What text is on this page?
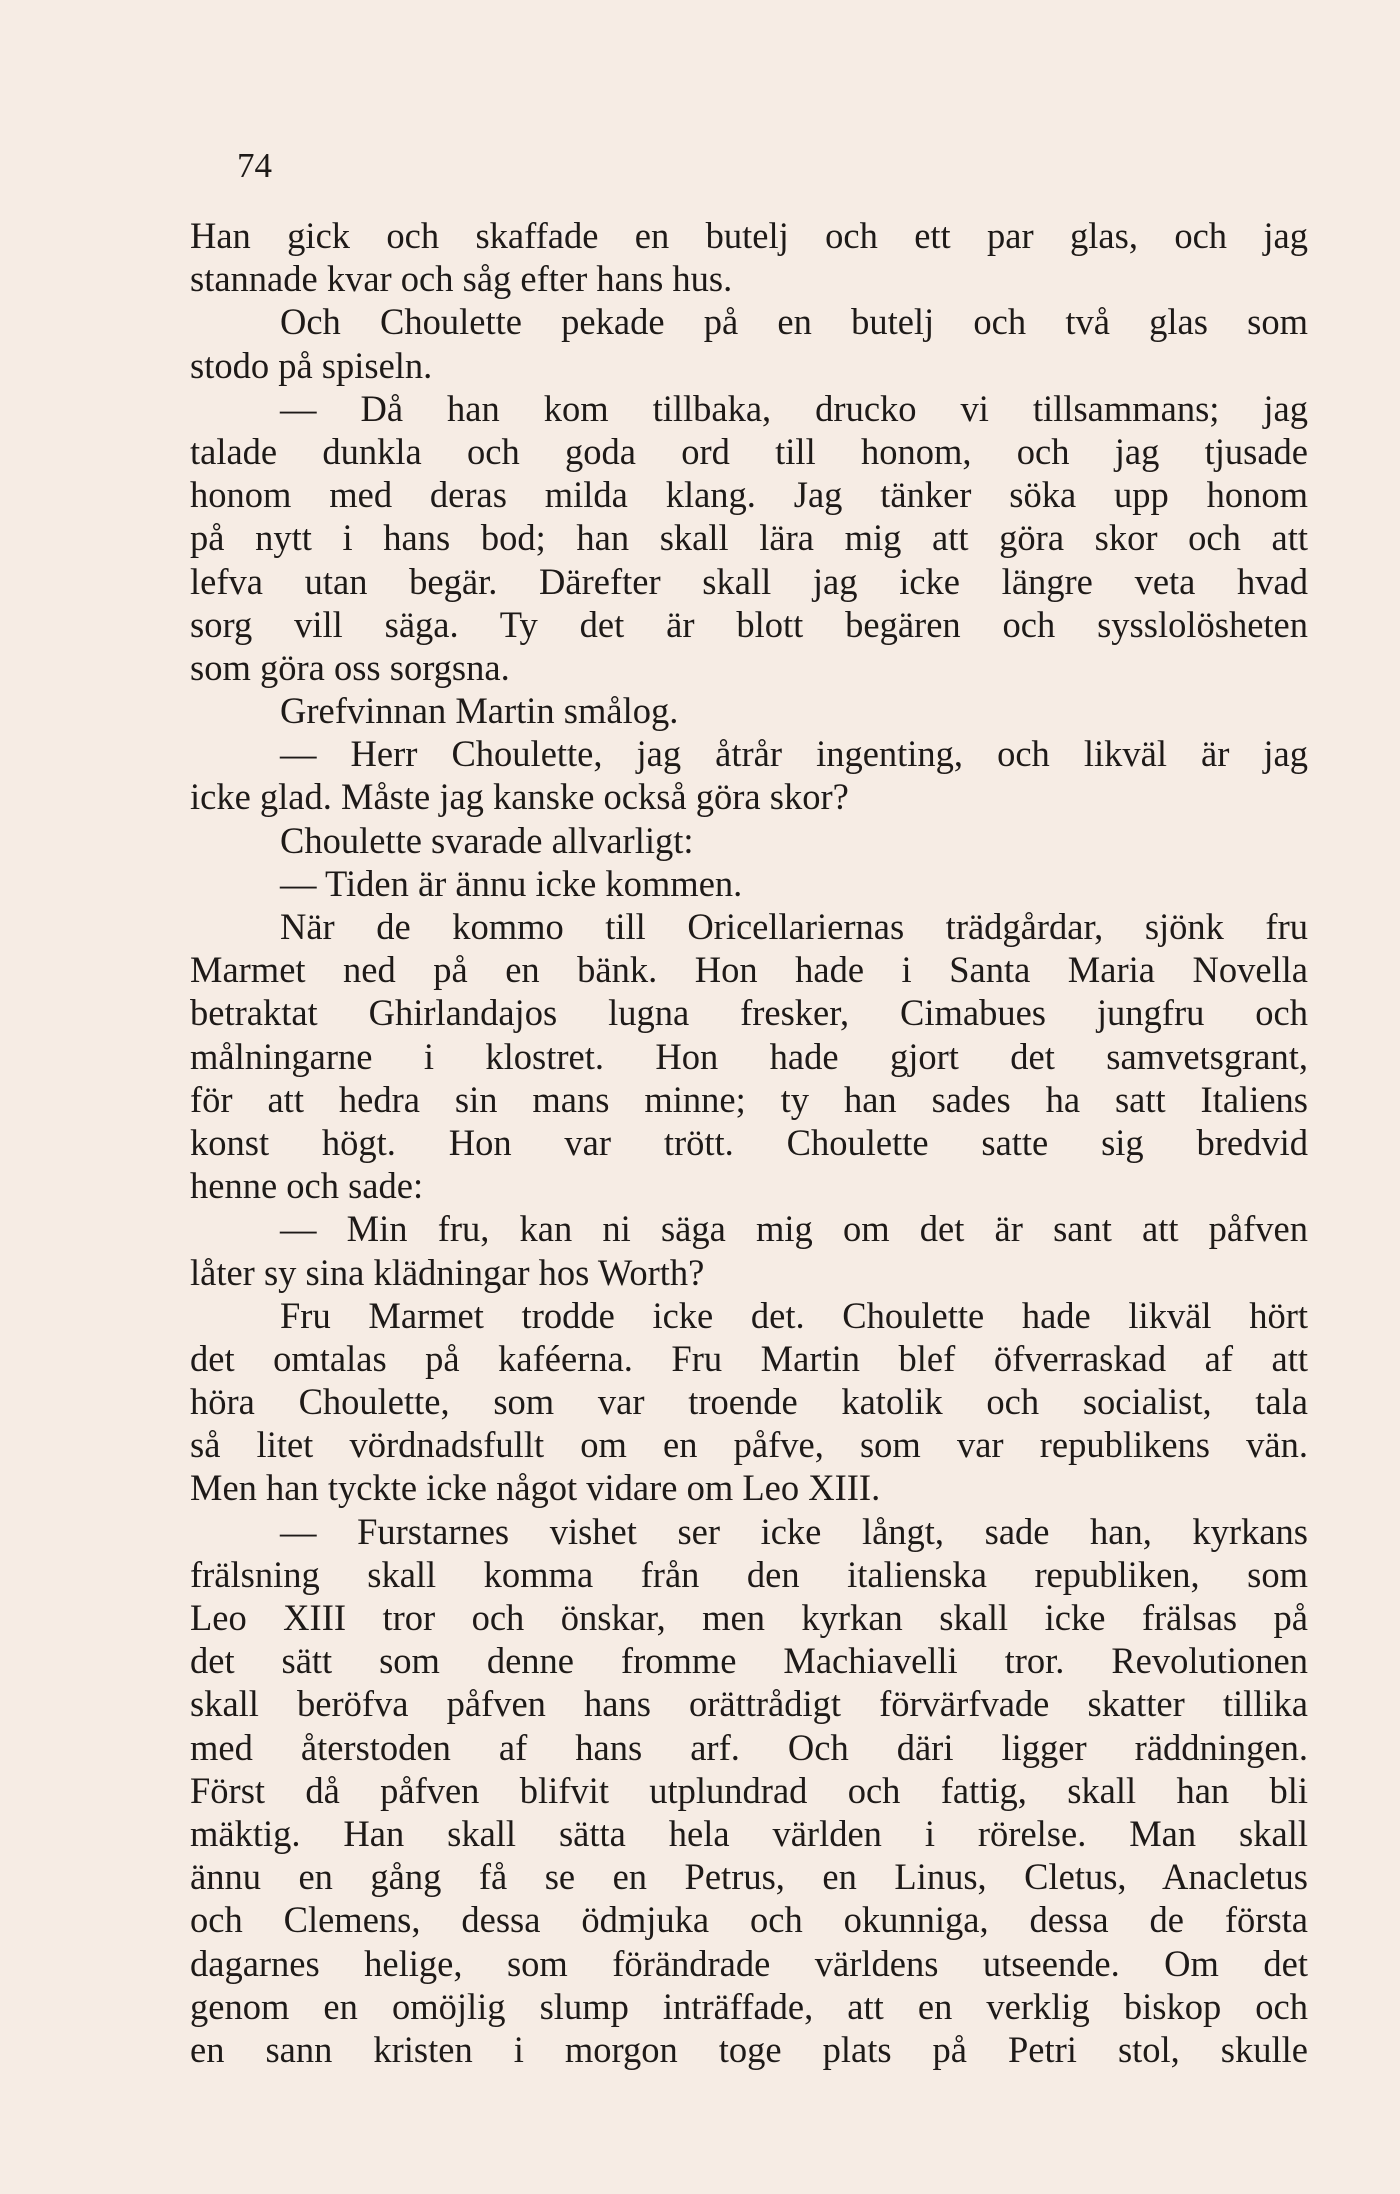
74
Han gick och skaffade en butelj och ett par glas, och jag
stannade kvar och såg efter hans hus.
Och Choulette pekade på en butelj och två glas som
stodo på spiseln.
— Då han kom tillbaka, drucko vi tillsammans; jag
talade dunkla och goda ord till honom, och jag tjusade
honom med deras milda klang. Jag tänker söka upp honom
på nytt i hans bod; han skall lära mig att göra skor och att
lefva utan begär. Därefter skall jag icke längre veta hvad
sorg vill säga. Ty det är blott begären och sysslolösheten
som göra oss sorgsna.
Grefvinnan Martin smålog.
— Herr Choulette, jag åtrår ingenting, och likväl är jag
icke glad. Måste jag kanske också göra skor?
Choulette svarade allvarligt:
— Tiden är ännu icke kommen.
När de kommo till Oricellariernas trädgårdar, sjönk fru
Marmet ned på en bänk. Hon hade i Santa Maria Novella
betraktat Ghirlandajos lugna fresker, Cimabues jungfru och
målningarne i klostret. Hon hade gjort det samvetsgrant,
för att hedra sin mans minne; ty han sades ha satt Italiens
konst högt. Hon var trött. Choulette satte sig bredvid
henne och sade:
— Min fru, kan ni säga mig om det är sant att påfven
låter sy sina klädningar hos Worth?
Fru Marmet trodde icke det. Choulette hade likväl hört
det omtalas på kaféerna. Fru Martin blef öfverraskad af att
höra Choulette, som var troende katolik och socialist, tala
så litet vördnadsfullt om en påfve, som var republikens vän.
Men han tyckte icke något vidare om Leo XIII.
— Furstarnes vishet ser icke långt, sade han, kyrkans
frälsning skall komma från den italienska republiken, som
Leo XIII tror och önskar, men kyrkan skall icke frälsas på
det sätt som denne fromme Machiavelli tror. Revolutionen
skall beröfva påfven hans orättrådigt förvärfvade skatter tillika
med återstoden af hans arf. Och däri ligger räddningen.
Först då påfven blifvit utplundrad och fattig, skall han bli
mäktig. Han skall sätta hela världen i rörelse. Man skall
ännu en gång få se en Petrus, en Linus, Cletus, Anacletus
och Clemens, dessa ödmjuka och okunniga, dessa de första
dagarnes helige, som förändrade världens utseende. Om det
genom en omöjlig slump inträffade, att en verklig biskop och
en sann kristen i morgon toge plats på Petri stol, skulle
